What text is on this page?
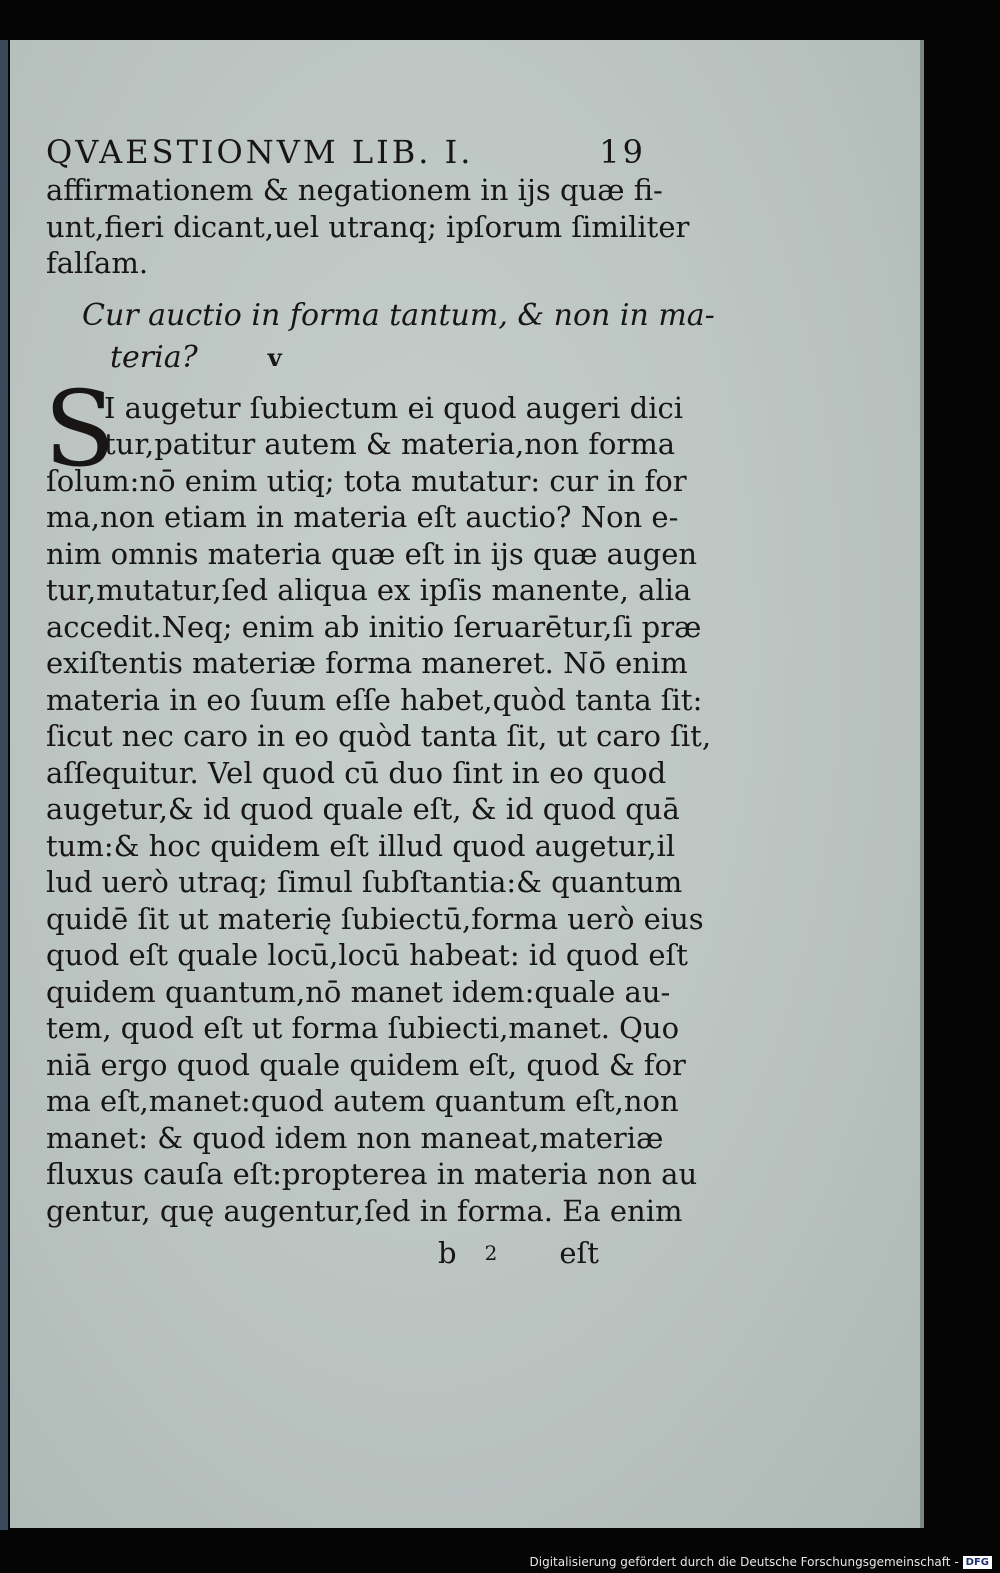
QVAESTIONVM LIB. I.	19
affirmationem & negationem in ijs quæ fi-
unt,fieri dicant,uel utranq; ipſorum ſimiliter
falſam.
Cur auctio in forma tantum, & non in ma-
teria?	v
S
I augetur ſubiectum ei quod augeri dici
tur,patitur autem & materia,non forma
ſolum:nō enim utiq; tota mutatur: cur in for
ma,non etiam in materia eſt auctio? Non e-
nim omnis materia quæ eſt in ijs quæ augen
tur,mutatur,ſed aliqua ex ipſis manente, alia
accedit.Neq; enim ab initio ſeruarētur,ſi præ
exiſtentis materiæ forma maneret. Nō enim
materia in eo ſuum eſſe habet,quòd tanta ſit:
ſicut nec caro in eo quòd tanta ſit, ut caro ſit,
aſſequitur. Vel quod cū duo ſint in eo quod
augetur,& id quod quale eſt, & id quod quā
tum:& hoc quidem eſt illud quod augetur,il
lud uerò utraq; ſimul ſubſtantia:& quantum
quidē ſit ut materię ſubiectū,forma uerò eius
quod eſt quale locū,locū habeat: id quod eſt
quidem quantum,nō manet idem:quale au-
tem, quod eſt ut forma ſubiecti,manet. Quo
niā ergo quod quale quidem eſt, quod & for
ma eſt,manet:quod autem quantum eſt,non
manet: & quod idem non maneat,materiæ
fluxus cauſa eſt:propterea in materia non au
gentur, quę augentur,ſed in forma. Ea enim
b 2 eſt
Digitalisierung gefördert durch die Deutsche Forschungsgemeinschaft - DFG
